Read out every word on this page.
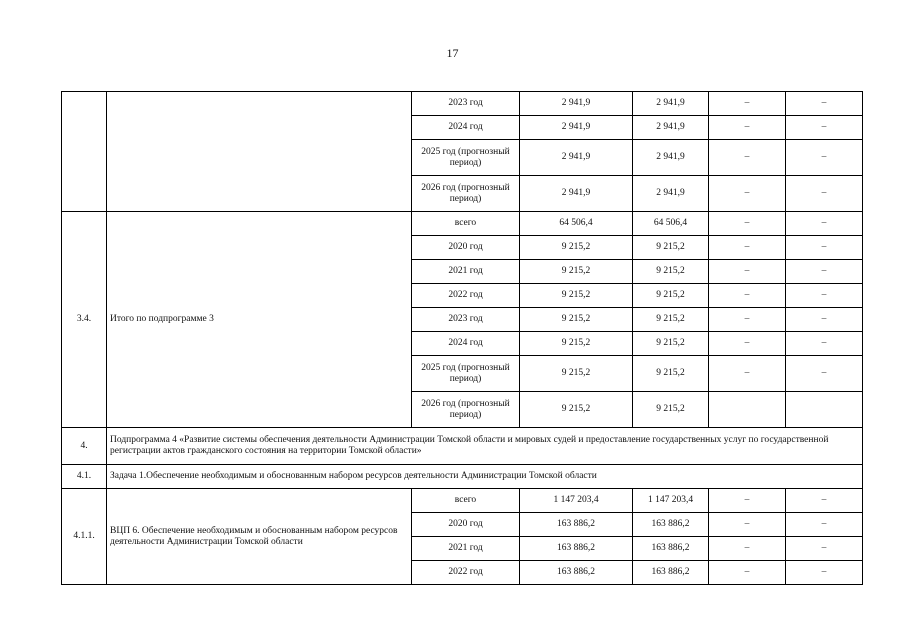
17
		2023 год	2 941,9	2 941,9	–	–
		2024 год	2 941,9	2 941,9	–	–
		2025 год (прогнозный период)	2 941,9	2 941,9	–	–
		2026 год (прогнозный период)	2 941,9	2 941,9	–	–
3.4.	Итого по подпрограмме 3	всего	64 506,4	64 506,4	–	–
		2020 год	9 215,2	9 215,2	–	–
		2021 год	9 215,2	9 215,2	–	–
		2022 год	9 215,2	9 215,2	–	–
		2023 год	9 215,2	9 215,2	–	–
		2024 год	9 215,2	9 215,2	–	–
		2025 год (прогнозный период)	9 215,2	9 215,2	–	–
		2026 год (прогнозный период)	9 215,2	9 215,2		
4.	Подпрограмма 4 «Развитие системы обеспечения деятельности Администрации Томской области и мировых судей и предоставление государственных услуг по государственной регистрации актов гражданского состояния на территории Томской области»					
4.1.	Задача 1.Обеспечение необходимым и обоснованным набором ресурсов деятельности Администрации Томской области					
4.1.1.	ВЦП 6. Обеспечение необходимым и обоснованным набором ресурсов деятельности Администрации Томской области	всего	1 147 203,4	1 147 203,4	–	–
		2020 год	163 886,2	163 886,2	–	–
		2021 год	163 886,2	163 886,2	–	–
		2022 год	163 886,2	163 886,2	–	–
